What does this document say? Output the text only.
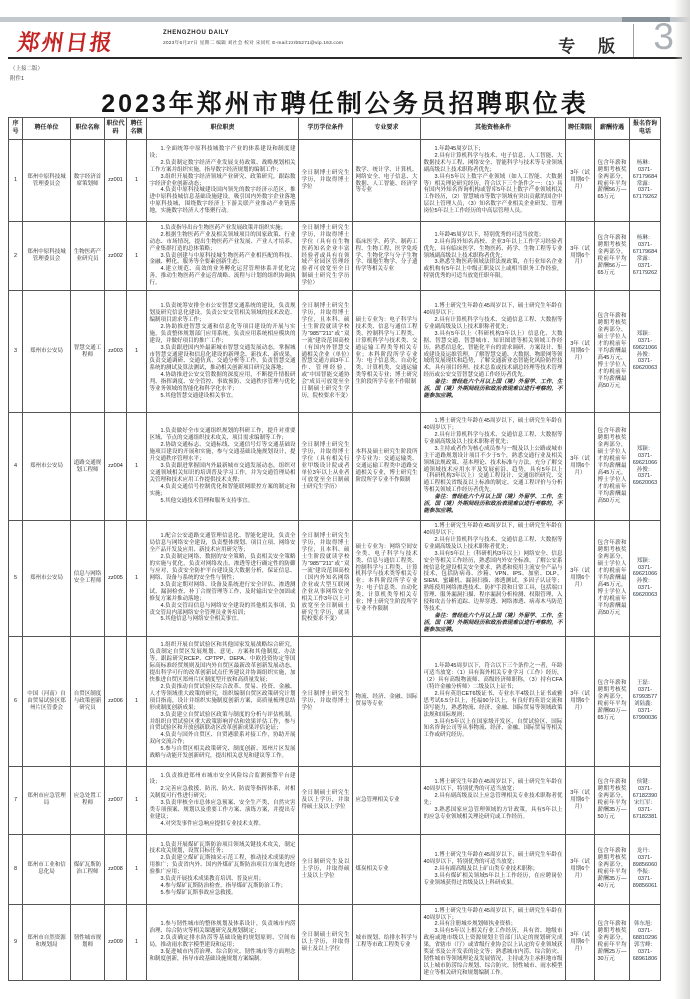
郑州日报	ZHENGZHOU DAILY
2023年6月27日 星期二 编辑 刘社会 校对 宋同红 E-mail:zzrb5271@vip.163.com	专 版 3
（上接二版）
附件1
2023年郑州市聘任制公务员招聘职位表
序号	聘任单位	职位名称	职位代码	聘任名额	职位职责	学历学位条件	专业要求	其他资格条件	聘任期限	薪酬待遇	报名咨询电话
1	郑州中原科技城管理委员会	数字经济首席策划师	zz001	1	

1.全面统筹中原科技城数字产业的体系建设和制度建设；

2.负责制定数字经济产业发展支持政策、战略规划相关工作方案并组织实施，指导数字经济规划的编制工作；

3.组织开展数字经济领域产业研究、政策研究，跟踪数字经济企业创新动态；

4.负责中原科技城建设国内领先的数字经济示范区，推进中原科技城信息基础设施建设，吸引国内外数字企业落地中原科技城，围绕数字经济上下游关联产业推动产业链落地，实施数字经济人才集聚行动。

	全日制博士研究生学历，并取得博士学位	数学、统计学、计算机、网络安全、电子信息、大数据、人工智能、经济学等专业	

1.年龄45周岁以下；

2.具有计算机科学与技术、电子信息、人工智能、大数据技术与工程、网络安全、智能科学与技术等专业领域副高级以上技术职称者优先；

3.具有5年以上数字产业领域（如人工智能、大数据等）相关理论研究经历，符合以下三个条件之一：（1）具有国内外知名咨询机构或智库5年以上数字产业领域相关工作经历，（2）智慧城市等数字领域有突出贡献的国企中层以上管理人员，（3）知名数字产业相关企业研发、管理岗位5年以上工作经历的中高层管理人员。

	3年（试用期6个月）	包含年薪和聘期考核奖金两部分，税前年平均薪酬56万—65万元	

杨琳：

0371-67179684

常露：

0371-67179262

2	郑州中原科技城管理委员会	生物医药产业研究员	zz002	1	

1.负责指导出台生物医药产业发展政策并组织实施；

2.根据生物医药产业及相关领域项目的国家政策、行业动态、市场情况，提出生物医药产业发展、产业人才培养、产业集群打造的总体策略；

3.负责创建与中原科技城生物医药产业相匹配的科技、金融、孵化、服务等全要素创新生态；

4.建立规范、高效的业务孵化运营管理体系并优化完善，推动生物医药产业运营战略、流程与计划的组织协调执行。

	全日制博士研究生学历，并取得博士学位（具有在生物医药知名企业丰富经验者或具有在领域产业园区管理经验者可放宽至全日制硕士研究生学历学位）	临床医学、药学、制药工程、生物工程、医学免疫学、生物化学与分子生物学、细胞生物学、分子遗传学等相关专业	

1.年龄45周岁以下，特别优秀的可适当放宽；

2.具有海外知名高校、企业3年以上工作学习经验者优先，具有临床医学、生物医药、药学、生物工程等专业领域副高级以上技术职称者优先；

3.熟悉生物医药领域法律法规政策，在行业知名企业或机构有5年以上中级正职及以上或相当职务工作经验，特别优秀的可适当放宽任职年限。

	3年（试用期6个月）	包含年薪和聘期考核奖金两部分，税前年平均薪酬56万—65万元	

杨琳：

0371-67179684

常露：

0371-67179262

3	郑州市公安局	智慧交通工程师	zz003	1	

1.负责统筹安排全市公安智慧交通系统的建设，负责规划及研究信息化建设，负责公安交管相关领域的技术改造、编制项目需求等工作；

2.协助推进智慧交通和信息化等项目建设的开展与实施，负责整体规划部门应用系统，负责应用系统相应模块的建设，并做好项目的推广工作；

3.负责跟进国内外最新城市智慧交通发展动态，掌握城市智慧交通建设和信息化建设的新理念、新技术、新成果，负责交通调研、交通仿真、交通分析等工作，负责智慧交通系统的测试及算法测试，推动相关创新项目研究及落地；

4.协助推进公安交管数据的深度应用，不断提升情报研判、指挥调度、安全管控、事故预防、交通秩序管理与优化等业务领域的智能化和科学化水平；

5.其他智慧交通建设相关事宜。

	全日制博士研究生学历，并取得博士学位，且本科、硕士生阶段就读学校为“985”“211”或“双一流”建设范围高校（有国内外智慧交通相关企业（单位）智慧交通方面3年工作、管理经验，或“中国智能交通协会”成员可放宽至全日制硕士研究生学历，院校要求不变）	硕士专业为：电子科学与技术类、信息与通信工程类、控制科学与工程类、计算机科学与技术类、交通运输工程类等相关专业；本科阶段所学专业为：电子信息类、自动化类、计算机类、交通运输类等相关专业；博士研究生阶段所学专业不作限制	

1.博士研究生年龄在45周岁以下，硕士研究生年龄在40周岁以下；

2.具有计算机科学与技术、交通信息工程、大数据等专业副高级及以上技术职称者优先；

3.具有5年以上（科研机构3年以上）信息化、大数据、智慧交通、智慧城市、知识图谱等相关领域工作经历，熟悉信息化、智能化平台的需求调研、方案设计、集成建设及运维管理，了解智慧交通、大数据、物联网等领域的发展现状和趋势，了解交通新业态智能化风险防控技术，具有项目经理、技术总监或技术副总经理等技术管理经历或公安交管智慧交通工作经历者优先。

备注：曾经赴六个月以上国（境）外留学、工作、生活，国（境）外期间经历和政治表现难以进行考察的，不能参加应聘。

	3年（试用期6个月）	包含年薪和聘期考核奖金两部分，硕士学位人才的税前年平均薪酬最高45万元，博士学位人才的税前年平均薪酬最高50万元	

郑颖：

0371-69621066

孙俊：

0371-69620063

4	郑州市公安局	道路交通规划工程师	zz004	1	

1.负责做好全市交通组织规划的科研工作，提升对重要区域、节点的交通组织技术攻关、项目需求编制等工作；

2.协助交通标志、交通标线、交通信号灯等交通基础设施项目建设的开展和实施，参与交通基础设施规划设计，提升交通秩序管理水平；

3.负责跟进掌握国内外最新城市交通发展动态，组织对交通领域相关知识的培训普及学习工作，并为交通管理局相关管理和技术应用工作提供技术支撑；

4.负责交通信号控制优化和智能联网联控方案的制定和实施；

5.其他交通技术管理和服务支持事宜。

	全日制博士研究生学历，并取得博士学位（具有相关行业甲级设计院或者单位3年以上从业者可放宽至全日制硕士研究生学历）	本科及硕士研究生阶段所学专业为：交通运输类、交通运输工程类中道路交通相关专业，博士研究生阶段所学专业不作限制	

1.博士研究生年龄在45周岁以下，硕士研究生年龄在40周岁以下；

2.具有计算机科学与技术、交通信息工程、大数据等专业副高级及以上技术职称者优先；

3.主持或者作为核心成员参与一级及以上公路或城市主干道路规划设计项目不少于5个，熟悉交通行业及相关领域法规政策、基本理论、技术标准与方法，充分了解交通领域技术应用水平及发展前沿、趋势，具有5年以上（科研机构3年以上）交通工程设计、交通组织研究、交通工程相关省级及以上标准的制定、交通工程评价与分析等相关领域工作经历者优先。

备注：曾经赴六个月以上国（境）外留学、工作、生活，国（境）外期间经历和政治表现难以进行考察的，不能参加应聘。

	3年（试用期6个月）	包含年薪和聘期考核奖金两部分，硕士学位人才的税前年平均薪酬最高45万元，博士学位人才的税前年平均薪酬最高50万元	

郑颖：

0371-69621066

孙俊：

0371-69620063

5	郑州市公安局	信息与网络安全工程师	zz005	1	

1.配合公安道路交通管理信息化、智能化建设，负责全局信息与网络安全建设，负责整体规划、项目立项、网络安全产品开发及应用、新技术应用研究等；

2.负责制定网络、数据的安全策略，负责相关安全策略的实施与优化，负责对网络攻击、渗透等进行确定性的防御与应对，负责安全防护平台建设及大数据分析，保证信息、网络、设备与系统的安全性与韧性；

3.负责定期对网络、设备及系统进行安全评估、渗透测试、漏洞检查、补丁合规管理等工作，及时输出安全加固或修复方案并推动落地；

4.负责交管局信息与网络安全建设的其他相关事项，负责交管局内部网络安全管理员业务培训；

5.其他信息与网络安全相关事宜。

	全日制博士研究生学历，并取得博士学位，且本科、硕士生阶段就读学校为“985”“211”或“双一流”建设范围高校（国内外知名网络企业或大型互联网企业从事网络安全相关工作3年以上可放宽至全日制硕士研究生学历，就读院校要求不变）	硕士专业为：网络空间安全类、电子科学与技术类、信息与通信工程类、控制科学与工程类、计算机科学与技术类等相关专业；本科阶段所学专业为：电子信息类、自动化类、计算机类等相关专业；博士研究生阶段所学专业不作限制	

1.博士研究生年龄在45周岁以下，硕士研究生年龄在40周岁以下；

2.具有计算机科学与技术、交通信息工程、大数据等专业副高级及以上技术职称者优先；

3.具有5年以上（科研机构3年以上）网络安全、信息安全等相关工作经历，熟悉国内外安全标准，了解公安系统信息化建设相关安全要求，熟悉和使用主流安全产品与技术，包括防病毒、沙箱、VPN、IPS、加密、DLP、SIEM、蜜罐机、漏洞扫描、渗透测试、多因子认证等；熟练使用网络渗透技术、防护手段和日常工具，包括端口管理、服务漏洞扫描、程序漏洞分析检测、权限管理、入侵和攻击分析追踪、边界穿透、网络渗透、病毒木马防范等技术。

备注：曾经赴六个月以上国（境）外留学、工作、生活，国（境）外期间经历和政治表现难以进行考察的，不能参加应聘。

	3年（试用期6个月）	包含年薪和聘期考核奖金两部分，硕士学位人才的税前年平均薪酬最高45万元，博士学位人才的税前年平均薪酬最高50万元	

郑颖：

0371-69621066

孙俊：

0371-69620063

6	中国（河南）自由贸易试验区郑州片区管委会	自贸区制度与政策创新研究员	zz006	1	

1.组织开展自贸试验区和其他国家发展战略综合研究，负责制定自贸区发展规划、意见、方案和其他制度、办法等，跟踪研究RCEP、CPTPP、DEPA、中欧投资协定等国际高标准经贸规则及国内外自贸区最新改革创新发展动态，提出科学可行的改革创新试点任务建议并协调组织实施，加快推进自贸区郑州片区制度型开放和高质量发展；

2.负责推动自贸试验区综合改革、贸易、投资、金融、人才等领域重大政策的研究，组织编制自贸区政策研究计划项目指南，设计并组织实施制度创新方案，高质量梳理总结形成制度创新成果；

3.负责建立自贸试验区政策与制度的分析与评估机制，并组织自贸试验区重大政策影响评估和效果评估工作，参与自贸试验区和开放创新联动区改革创新成果评估论证；

4.负责与国外自贸区、自贸港联系对接工作，协助开展双向交流合作；

5.参与自贸区相关政策研究、制度创新、郑州片区发展战略与动能开发创新研究，提出相关意见和建议等工作。

	全日制博士研究生学历，并取得博士学位	物流、经济、金融、国际贸易等专业	

1.年龄45周岁以下，符合以下三个条件之一者，年龄可适当放宽：（1）具有海外相关专业学习（工作）经历，（2）具有高级物流师、高级经济师职称，（3）持有CFA（特许金融分析师）二级及以上证书；

2.具有英语CET6级证书、专业水平4级以上证书或雅思考试6.5分以上，托福90分以上，有良好的英语交流和读写能力，熟悉物流、经济、金融、国际贸易等领域政策法规和国际规则；

3.具有5年以上在国家级开发区、自贸试验区、国际知名咨询公司等从事物流、经济、金融、国际贸易等相关工作或研究经历。

	3年（试用期6个月）	包含年薪和聘期考核奖金两部分，税前年平均薪酬60万—65万元	

王磊：

0371-67993577

刘陆鑫：

0371-67990036

7	郑州市应急管理局	应急处置工程师	zz007	1	

1.负责推进郑州市城市安全风险综合监测预警平台建设；

2.完善应急救援、防汛、防火、防震等指挥体系，对相关制度可行性进行研究；

3.负责审核全市总体应急预案、安全生产类、自然灾害类专项预案、规划以及重要工作方案、演练方案，并提出专业建议；

4.对突发事件应急响应提供专业技术支撑。

	全日制硕士研究生及以上学历，并取得硕士及以上学位	应急管理相关专业	

1.博士研究生年龄在45周岁以下，硕士研究生年龄在40周岁以下，特别优秀的可适当放宽；

2.具有副高级及以上应急管理相关专业技术职称者优先；

3.熟悉国家应急管理领域的方针政策，具有5年以上的应急专业领域相关理论研究或工作经历。

	3年（试用期6个月）	包含年薪和聘期考核奖金两部分，税前年平均薪酬35万—50万元	

侯键：

0371-67182390

宋红军：

0371-67182381

8	郑州市工业和信息化局	煤矿瓦斯防治工程师	zz008	1	

1.负责开展煤矿瓦斯防治项目领域关键技术攻关，制定技术攻关规划，设置目标任务；

2.负责建立煤矿瓦斯抽采示范工程，推动技术成果的应用推广；负责省内外、国内外煤矿瓦斯防治项目方面先进经验推广应用；

3.负责开展技术成果教育培训、普及应用；

4.参与煤矿瓦斯防治检查，指导煤矿瓦斯防治工作；

5.参与煤矿瓦斯事故应急救援。

	全日制研究生及以上学历，并取得硕士及以上学位	煤炭相关专业	

1.博士研究生年龄在45周岁以下，硕士研究生年龄在40周岁以下，特别优秀的可适当放宽；

2.具有副高级及以上矿山类专业技术职称；

3.具有煤矿相关领域5年以上工作经历，在应聘岗位专业领域获得过省级及以上科研成果。

	3年（试用期6个月）	包含年薪和聘期考核奖金两部分，税前年平均薪酬35万—40万元	

龙丹：

0371-89856060

李振：

0371-89856061

9	郑州市自然资源和规划局	韧性城市规划师	zz009	1	

1.参与韧性城市的整体规划及体系设计，负责城市内涝治理、综合防灾等相关课题研究及规划制定；

2.负责确定排水防涝等基础设施的规划原则、空间布局，推动雨水数字模型建设和运用；

3.促进城市内涝治理、综合防灾、韧性城市等方面理念和制度创新，指导市政基础设施规划方案编制。

	全日制硕士研究生以上学历，并取得硕士及以上学位	城市规划、给排水科学与工程等市政工程类专业	

1.博士研究生年龄在45周岁以下，硕士研究生年龄在40周岁以下；

2.具有注册城乡规划师执业资格；

3.具有5年以上相关行业工作经历，具有省、地级市政府或地市级以上资源规划主管部门认定的规划研究成果，省辖市（厅）或省级行业协会以上认定的专业领域获奖证书及公开发表的论文等；熟悉城市内涝、综合防灾、韧性城市等领域理论及发展情况，主持或为主承担地市级以上城市防涝综合规划、综合防灾、韧性城市、雨水模型建立等相关研究和规划编制工作。

	3年（试用期6个月）	包含年薪和聘期考核奖金两部分，税前年平均薪酬25万—30万元	

韩东旭：

0371-68810296

郭雪峰：

0371-68961806
